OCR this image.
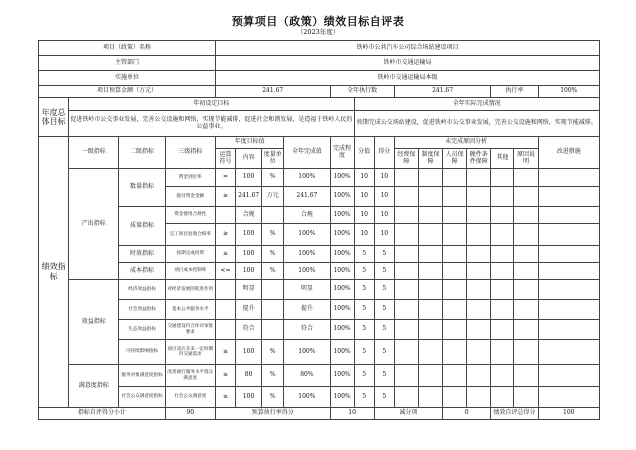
预算项目（政策）绩效目标自评表
（2023年度）
项目（政策）名称				铁岭市公共汽车公司综合场站建设项目													
主管部门				铁岭市交通运输局													
实施单位				铁岭市交通运输局本级													
项目预算金额（万元）				241.67				全年执行数			241.67				执行率		100%
年度总体目标	年初设定目标								全年实际完成情况								
	促进铁岭市公交事业发展，完善公交设施和网络，实现节能减排，促进社会和谐发展，是造福于铁岭人民的公益事业。								按期完成公交场站建设，促进铁岭市公交事业发展，完善公交设施和网络，实现节能减排。								
绩效指标	一级指标	二级指标	三级指标	年度目标值			全年完成值	完成程度	分值	得分	未完成原因分析						改进措施
				运算符号	内容	度量单位					经费保障	制度保障	人员保障	硬件条件保障	其他	原因说明	

	产出指标	数量指标	资金到位率	=	100	%	100%	100%	10	10							
			拨付资金金额	≥	241.67	万元	241.67	100%	10	10							
		质量指标	资金使用合规性		合规		合规	100%	10	10							
			完工项目验收合格率	≥	100	%	100%	100%	10	10							
		时效指标	按期完成投资	≥	100	%	100%	100%	5	5							
		成本指标	项目成本控制率	<=	100	%	100%	100%	5	5							
	效益指标	经济效益指标	对经济发展的促进作用		明显		明显	100%	5	5							
		社会效益指标	基本公共服务水平		提升		提升	100%	5	5							
		生态效益指标	交通建设符合环评审批要求		符合		符合	100%	5	5							
		可持续影响指标	项目适应未来一定时期内交通需求	≥	100	%	100%	100%	5	5							
	满意度指标	服务对象满意度指标	改善通行服务水平群众满意度	≥	80	%	80%	100%	5	5							
		社会公众满意度指标	社会公众满意度	≥	100	%	100%	100%	5	5							
指标自评得分小计			90	预算执行率得分				10		减分项			0		绩效自评总得分		100
